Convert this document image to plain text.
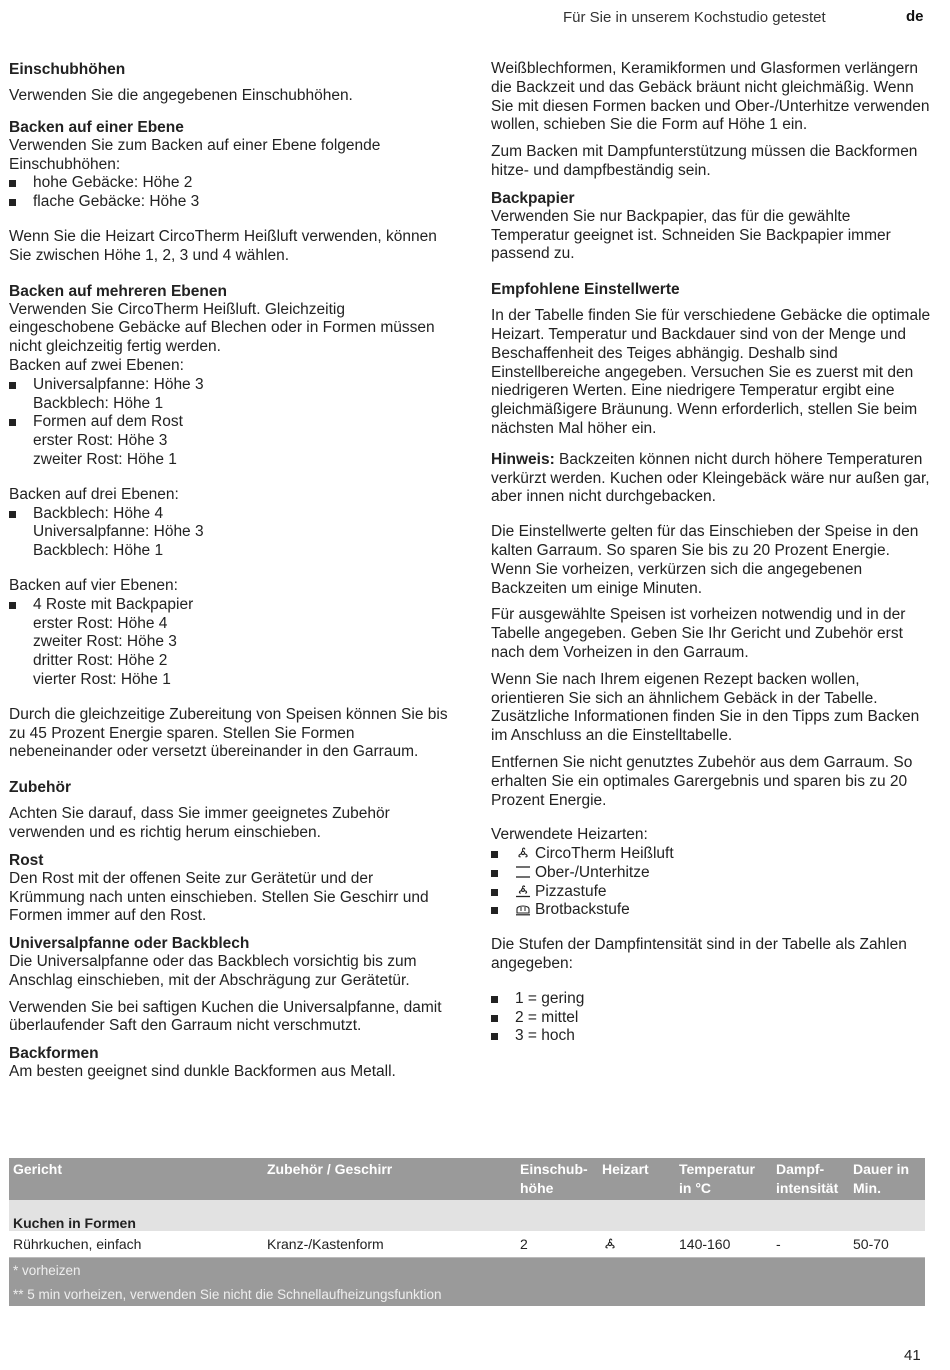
Für Sie in unserem Kochstudio getestet	de
Einschubhöhen

Verwenden Sie die angegebenen Einschubhöhen.

Backen auf einer Ebene

Verwenden Sie zum Backen auf einer Ebene folgende Einschubhöhen:

hohe Gebäcke: Höhe 2
flache Gebäcke: Höhe 3

Wenn Sie die Heizart CircoTherm Heißluft verwenden, können Sie zwischen Höhe 1, 2, 3 und 4 wählen.

Backen auf mehreren Ebenen

Verwenden Sie CircoTherm Heißluft. Gleichzeitig eingeschobene Gebäcke auf Blechen oder in Formen müssen nicht gleichzeitig fertig werden.

Backen auf zwei Ebenen:

Universalpfanne: Höhe 3
Backblech: Höhe 1
Formen auf dem Rost
erster Rost: Höhe 3
zweiter Rost: Höhe 1

Backen auf drei Ebenen:

Backblech: Höhe 4
Universalpfanne: Höhe 3
Backblech: Höhe 1

Backen auf vier Ebenen:

4 Roste mit Backpapier
erster Rost: Höhe 4
zweiter Rost: Höhe 3
dritter Rost: Höhe 2
vierter Rost: Höhe 1

Durch die gleichzeitige Zubereitung von Speisen können Sie bis zu 45 Prozent Energie sparen. Stellen Sie Formen nebeneinander oder versetzt übereinander in den Garraum.

Zubehör

Achten Sie darauf, dass Sie immer geeignetes Zubehör verwenden und es richtig herum einschieben.

Rost

Den Rost mit der offenen Seite zur Gerätetür und der Krümmung nach unten einschieben. Stellen Sie Geschirr und Formen immer auf den Rost.

Universalpfanne oder Backblech

Die Universalpfanne oder das Backblech vorsichtig bis zum Anschlag einschieben, mit der Abschrägung zur Gerätetür.

Verwenden Sie bei saftigen Kuchen die Universalpfanne, damit überlaufender Saft den Garraum nicht verschmutzt.

Backformen

Am besten geeignet sind dunkle Backformen aus Metall.

Weißblechformen, Keramikformen und Glasformen verlängern die Backzeit und das Gebäck bräunt nicht gleichmäßig. Wenn Sie mit diesen Formen backen und Ober-/Unterhitze verwenden wollen, schieben Sie die Form auf Höhe 1 ein.

Zum Backen mit Dampfunterstützung müssen die Backformen hitze- und dampfbeständig sein.

Backpapier

Verwenden Sie nur Backpapier, das für die gewählte Temperatur geeignet ist. Schneiden Sie Backpapier immer passend zu.

Empfohlene Einstellwerte

In der Tabelle finden Sie für verschiedene Gebäcke die optimale Heizart. Temperatur und Backdauer sind von der Menge und Beschaffenheit des Teiges abhängig. Deshalb sind Einstellbereiche angegeben. Versuchen Sie es zuerst mit den niedrigeren Werten. Eine niedrigere Temperatur ergibt eine gleichmäßigere Bräunung. Wenn erforderlich, stellen Sie beim nächsten Mal höher ein.

Hinweis: Backzeiten können nicht durch höhere Temperaturen verkürzt werden. Kuchen oder Kleingebäck wäre nur außen gar, aber innen nicht durchgebacken.

Die Einstellwerte gelten für das Einschieben der Speise in den kalten Garraum. So sparen Sie bis zu 20 Prozent Energie. Wenn Sie vorheizen, verkürzen sich die angegebenen Backzeiten um einige Minuten.

Für ausgewählte Speisen ist vorheizen notwendig und in der Tabelle angegeben. Geben Sie Ihr Gericht und Zubehör erst nach dem Vorheizen in den Garraum.

Wenn Sie nach Ihrem eigenen Rezept backen wollen, orientieren Sie sich an ähnlichem Gebäck in der Tabelle. Zusätzliche Informationen finden Sie in den Tipps zum Backen im Anschluss an die Einstelltabelle.

Entfernen Sie nicht genutztes Zubehör aus dem Garraum. So erhalten Sie ein optimales Garergebnis und sparen bis zu 20 Prozent Energie.

Verwendete Heizarten:

CircoTherm Heißluft
Ober-/Unterhitze
Pizzastufe
Brotbackstufe

Die Stufen der Dampfintensität sind in der Tabelle als Zahlen angegeben:

1 = gering
2 = mittel
3 = hoch
Gericht	Zubehör / Geschirr	Einschub-höhe	Heizart	Temperatur in °C	Dampf-intensität	Dauer in Min.
Kuchen in Formen						
Rührkuchen, einfach	Kranz-/Kastenform	2		140-160	-	50-70
* vorheizen						
** 5 min vorheizen, verwenden Sie nicht die Schnellaufheizungsfunktion						
41
